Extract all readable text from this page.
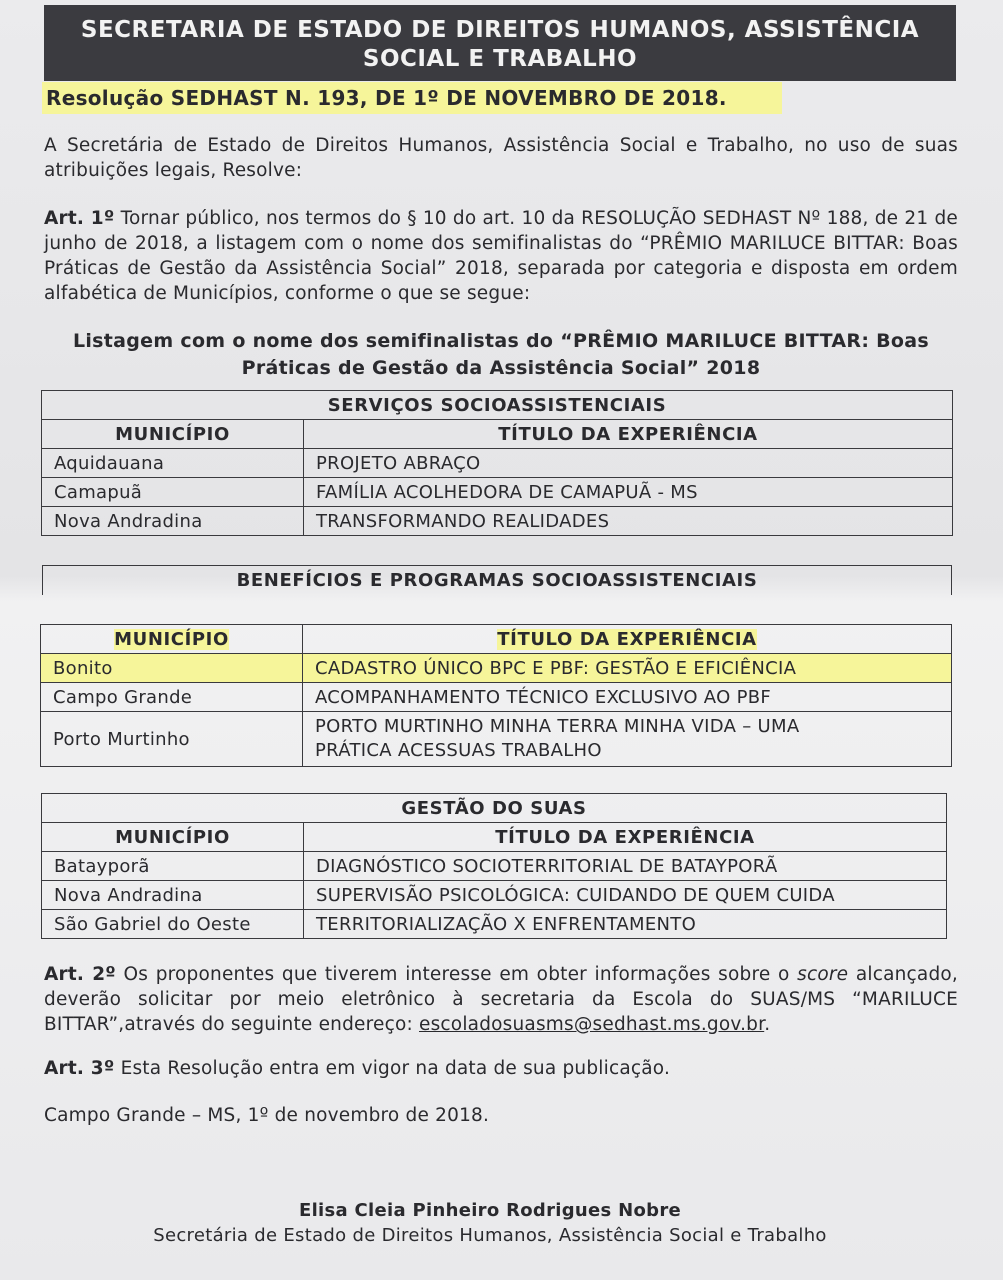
SECRETARIA DE ESTADO DE DIREITOS HUMANOS, ASSISTÊNCIA
SOCIAL E TRABALHO
Resolução SEDHAST N. 193, DE 1º DE NOVEMBRO DE 2018.
A Secretária de Estado de Direitos Humanos, Assistência Social e Trabalho, no uso de suas atribuições legais, Resolve:
Art. 1º Tornar público, nos termos do § 10 do art. 10 da RESOLUÇÃO SEDHAST Nº 188, de 21 de junho de 2018, a listagem com o nome dos semifinalistas do “PRÊMIO MARILUCE BITTAR: Boas Práticas de Gestão da Assistência Social” 2018, separada por categoria e disposta em ordem alfabética de Municípios, conforme o que se segue:
Listagem com o nome dos semifinalistas do “PRÊMIO MARILUCE BITTAR: Boas
Práticas de Gestão da Assistência Social” 2018
SERVIÇOS SOCIOASSISTENCIAIS	
MUNICÍPIO	TÍTULO DA EXPERIÊNCIA
Aquidauana	PROJETO ABRAÇO
Camapuã	FAMÍLIA ACOLHEDORA DE CAMAPUÃ - MS
Nova Andradina	TRANSFORMANDO REALIDADES
BENEFÍCIOS E PROGRAMAS SOCIOASSISTENCIAIS
MUNICÍPIO	TÍTULO DA EXPERIÊNCIA
Bonito	CADASTRO ÚNICO BPC E PBF: GESTÃO E EFICIÊNCIA
Campo Grande	ACOMPANHAMENTO TÉCNICO EXCLUSIVO AO PBF
Porto Murtinho	PORTO MURTINHO MINHA TERRA MINHA VIDA – UMA
PRÁTICA ACESSUAS TRABALHO
GESTÃO DO SUAS	
MUNICÍPIO	TÍTULO DA EXPERIÊNCIA
Batayporã	DIAGNÓSTICO SOCIOTERRITORIAL DE BATAYPORÃ
Nova Andradina	SUPERVISÃO PSICOLÓGICA: CUIDANDO DE QUEM CUIDA
São Gabriel do Oeste	TERRITORIALIZAÇÃO X ENFRENTAMENTO
Art. 2º Os proponentes que tiverem interesse em obter informações sobre o score alcançado, deverão solicitar por meio eletrônico à secretaria da Escola do SUAS/MS “MARILUCE BITTAR”,através do seguinte endereço: escoladosuasms@sedhast.ms.gov.br.
Art. 3º Esta Resolução entra em vigor na data de sua publicação.
Campo Grande – MS, 1º de novembro de 2018.
Elisa Cleia Pinheiro Rodrigues Nobre
Secretária de Estado de Direitos Humanos, Assistência Social e Trabalho
